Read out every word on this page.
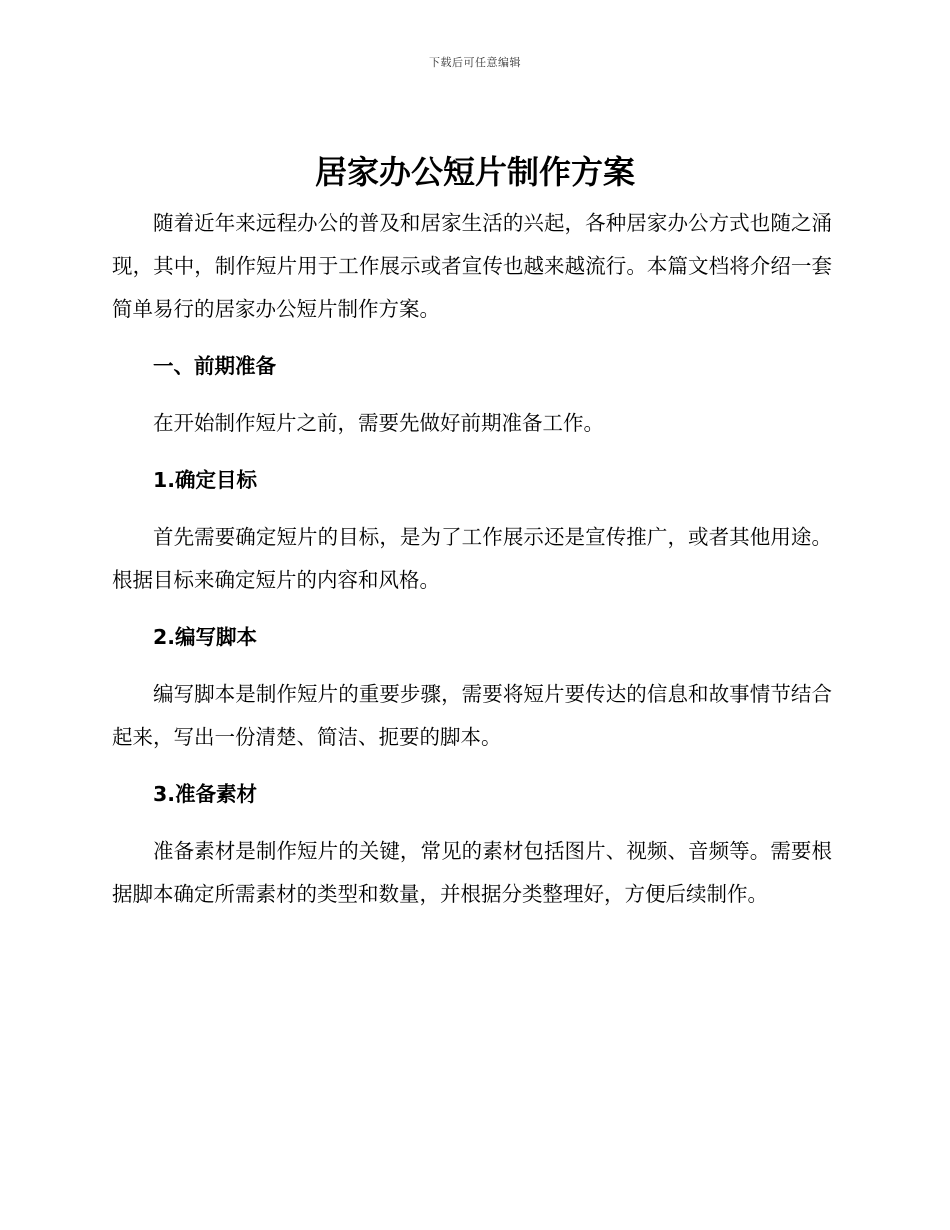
下载后可任意编辑
居家办公短片制作方案

随着近年来远程办公的普及和居家生活的兴起，各种居家办公方式也随之涌现，其中，制作短片用于工作展示或者宣传也越来越流行。本篇文档将介绍一套简单易行的居家办公短片制作方案。

一、前期准备

在开始制作短片之前，需要先做好前期准备工作。

1.确定目标

首先需要确定短片的目标，是为了工作展示还是宣传推广，或者其他用途。根据目标来确定短片的内容和风格。

2.编写脚本

编写脚本是制作短片的重要步骤，需要将短片要传达的信息和故事情节结合起来，写出一份清楚、简洁、扼要的脚本。

3.准备素材

准备素材是制作短片的关键，常见的素材包括图片、视频、音频等。需要根据脚本确定所需素材的类型和数量，并根据分类整理好，方便后续制作。
